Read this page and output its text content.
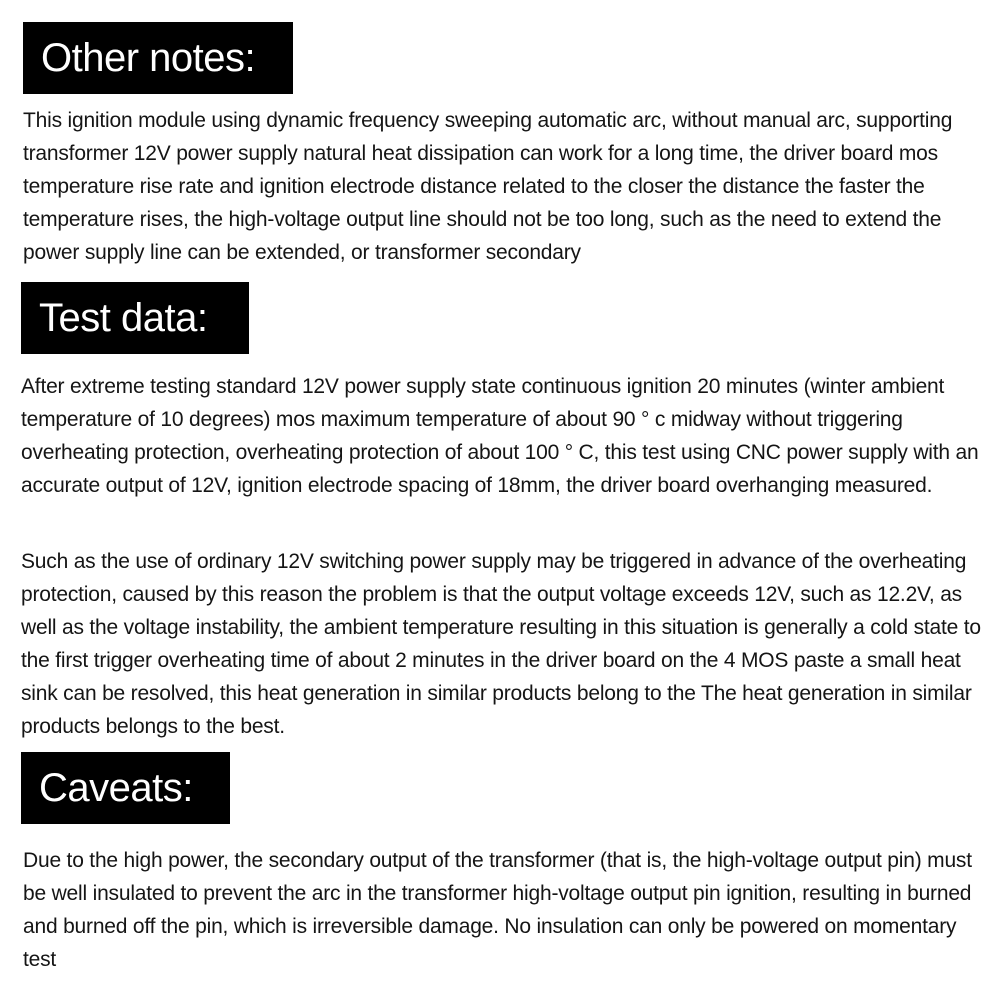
Other notes:

This ignition module using dynamic frequency sweeping automatic arc, without manual arc, supporting transformer 12V power supply natural heat dissipation can work for a long time, the driver board mos temperature rise rate and ignition electrode distance related to the closer the distance the faster the temperature rises, the high-voltage output line should not be too long, such as the need to extend the power supply line can be extended, or transformer secondary

Test data:

After extreme testing standard 12V power supply state continuous ignition 20 minutes (winter ambient temperature of 10 degrees) mos maximum temperature of about 90 ° c midway without triggering overheating protection, overheating protection of about 100 ° C, this test using CNC power supply with an accurate output of 12V, ignition electrode spacing of 18mm, the driver board overhanging measured.

Such as the use of ordinary 12V switching power supply may be triggered in advance of the overheating protection, caused by this reason the problem is that the output voltage exceeds 12V, such as 12.2V, as well as the voltage instability, the ambient temperature resulting in this situation is generally a cold state to the first trigger overheating time of about 2 minutes in the driver board on the 4 MOS paste a small heat sink can be resolved, this heat generation in similar products belong to the The heat generation in similar products belongs to the best.

Caveats:

Due to the high power, the secondary output of the transformer (that is, the high-voltage output pin) must be well insulated to prevent the arc in the transformer high-voltage output pin ignition, resulting in burned and burned off the pin, which is irreversible damage. No insulation can only be powered on momentary test
